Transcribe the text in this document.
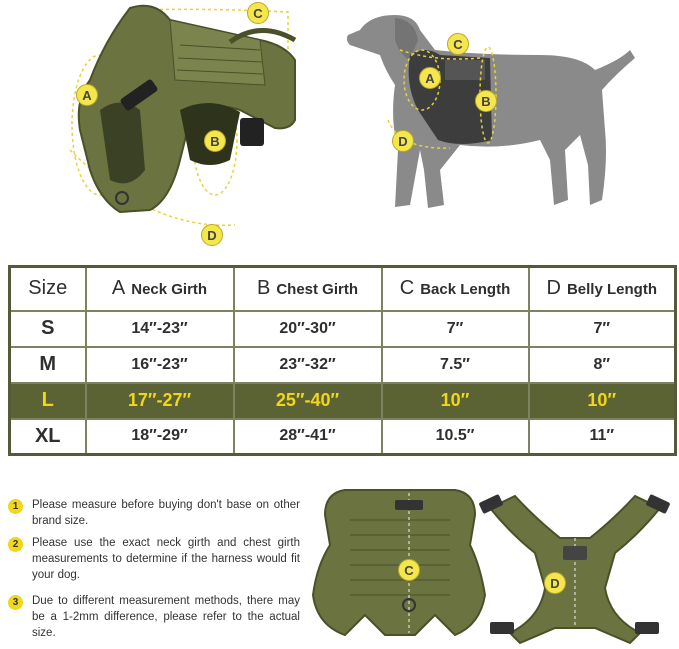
C
A
B
D
C
A
B
D
Size	A Neck Girth	B Chest Girth	C Back Length	D Belly Length
S	14″-23″	20″-30″	7″	7″
M	16″-23″	23″-32″	7.5″	8″
L	17″-27″	25″-40″	10″	10″
XL	18″-29″	28″-41″	10.5″	11″
1	Please measure before buying don't base on other brand size.
2	Please use the exact neck girth and chest girth measurements to determine if the harness would fit your dog.
3	Due to different measurement methods, there may be a 1-2mm difference, please refer to the actual size.
C
D
